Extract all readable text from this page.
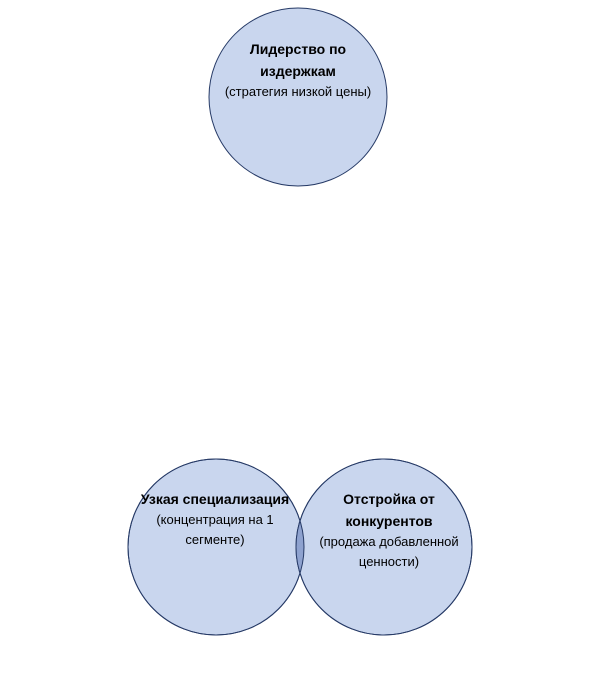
Лидерство по издержкам
(стратегия низкой цены)
Узкая специализация
(концентрация на 1 сегменте)
Отстройка от конкурентов
(продажа добавленной ценности)
